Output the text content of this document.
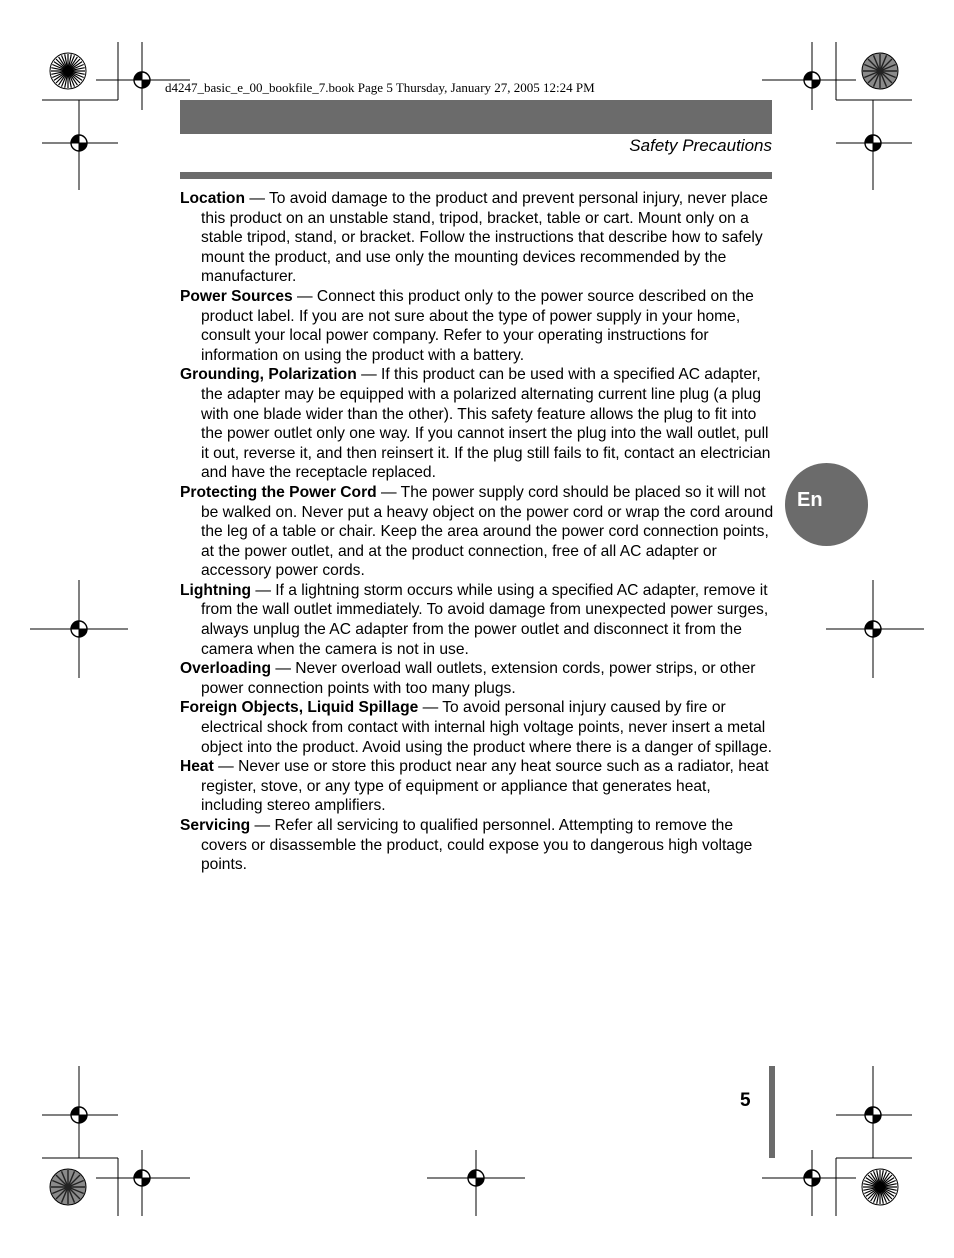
d4247_basic_e_00_bookfile_7.book Page 5 Thursday, January 27, 2005 12:24 PM
Safety Precautions

Location — To avoid damage to the product and prevent personal injury, never place this product on an unstable stand, tripod, bracket, table or cart. Mount only on a stable tripod, stand, or bracket. Follow the instructions that describe how to safely mount the product, and use only the mounting devices recommended by the manufacturer.

Power Sources — Connect this product only to the power source described on the product label. If you are not sure about the type of power supply in your home, consult your local power company. Refer to your operating instructions for information on using the product with a battery.

Grounding, Polarization — If this product can be used with a specified AC adapter, the adapter may be equipped with a polarized alternating current line plug (a plug with one blade wider than the other). This safety feature allows the plug to fit into the power outlet only one way. If you cannot insert the plug into the wall outlet, pull it out, reverse it, and then reinsert it. If the plug still fails to fit, contact an electrician and have the receptacle replaced.

Protecting the Power Cord — The power supply cord should be placed so it will not be walked on. Never put a heavy object on the power cord or wrap the cord around the leg of a table or chair. Keep the area around the power cord connection points, at the power outlet, and at the product connection, free of all AC adapter or accessory power cords.

Lightning — If a lightning storm occurs while using a specified AC adapter, remove it from the wall outlet immediately. To avoid damage from unexpected power surges, always unplug the AC adapter from the power outlet and disconnect it from the camera when the camera is not in use.

Overloading — Never overload wall outlets, extension cords, power strips, or other power connection points with too many plugs.

Foreign Objects, Liquid Spillage — To avoid personal injury caused by fire or electrical shock from contact with internal high voltage points, never insert a metal object into the product. Avoid using the product where there is a danger of spillage.

Heat — Never use or store this product near any heat source such as a radiator, heat register, stove, or any type of equipment or appliance that generates heat, including stereo amplifiers.

Servicing — Refer all servicing to qualified personnel. Attempting to remove the covers or disassemble the product, could expose you to dangerous high voltage points.

En
5
